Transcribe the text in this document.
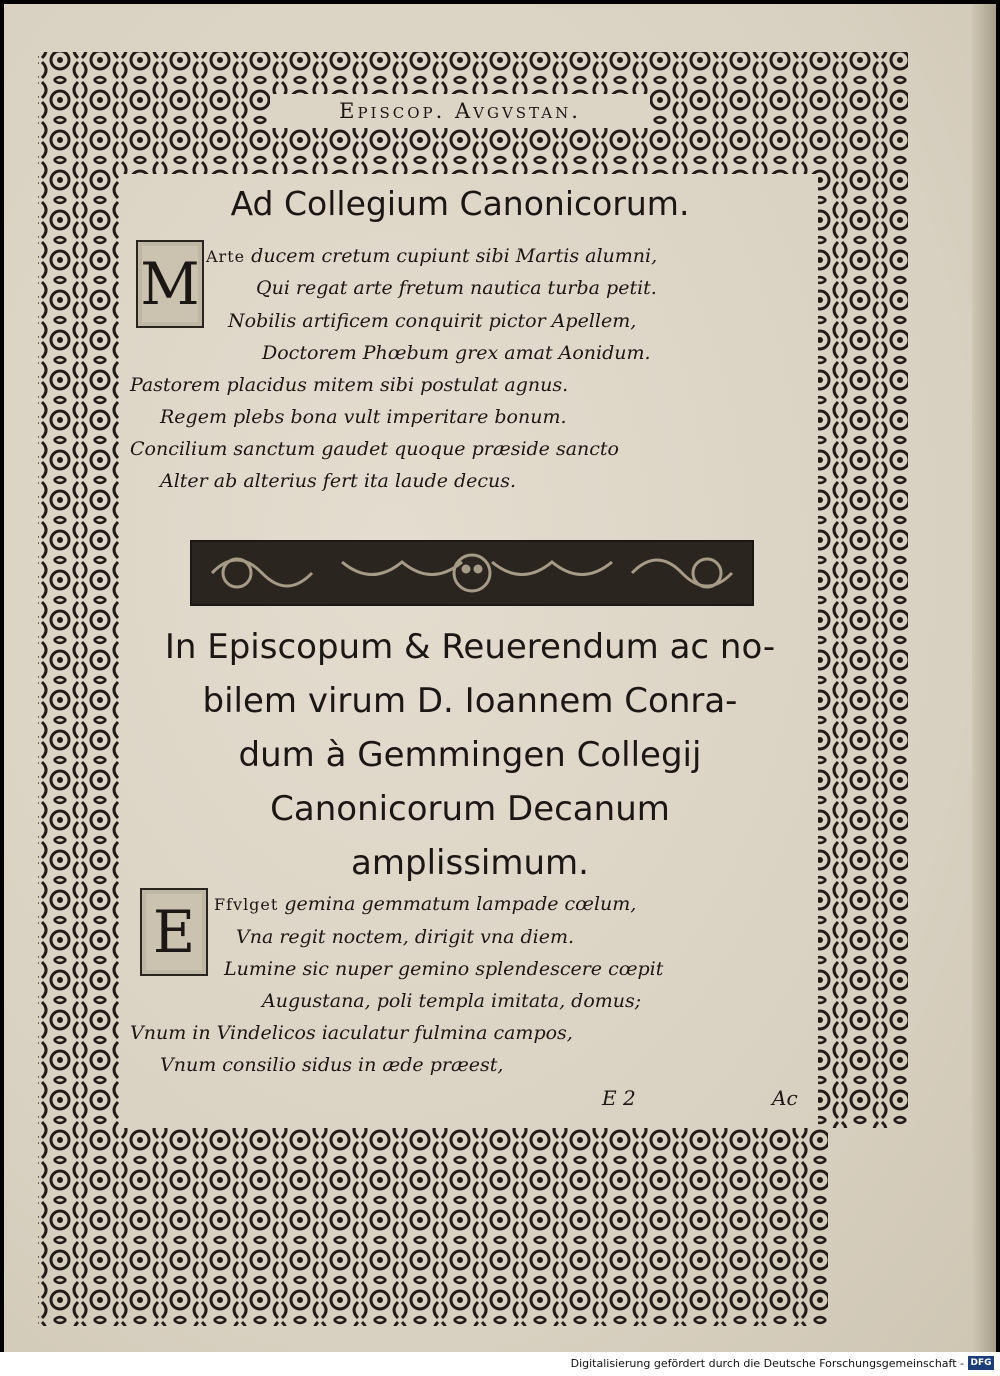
Episcop. Avgvstan.
Ad Collegium Canonicorum.
M Arte ducem cretum cupiunt sibi Martis alumni,
Qui regat arte fretum nautica turba petit.
Nobilis artificem conquirit pictor Apellem,
Doctorem Phœbum grex amat Aonidum.
Pastorem placidus mitem sibi postulat agnus.
Regem plebs bona vult imperitare bonum.
Concilium sanctum gaudet quoque præside sancto
Alter ab alterius fert ita laude decus.
In Episcopum & Reuerendum ac no-
bilem virum D. Ioannem Conra-
dum à Gemmingen Collegij
Canonicorum Decanum
amplissimum.
E	Ffvlget gemina gemmatum lampade cœlum,
Vna regit noctem, dirigit vna diem.
Lumine sic nuper gemino splendescere cœpit
Augustana, poli templa imitata, domus;
Vnum in Vindelicos iaculatur fulmina campos,
Vnum consilio sidus in æde præest,
E 2	Ac
Digitalisierung gefördert durch die Deutsche Forschungsgemeinschaft - DFG
